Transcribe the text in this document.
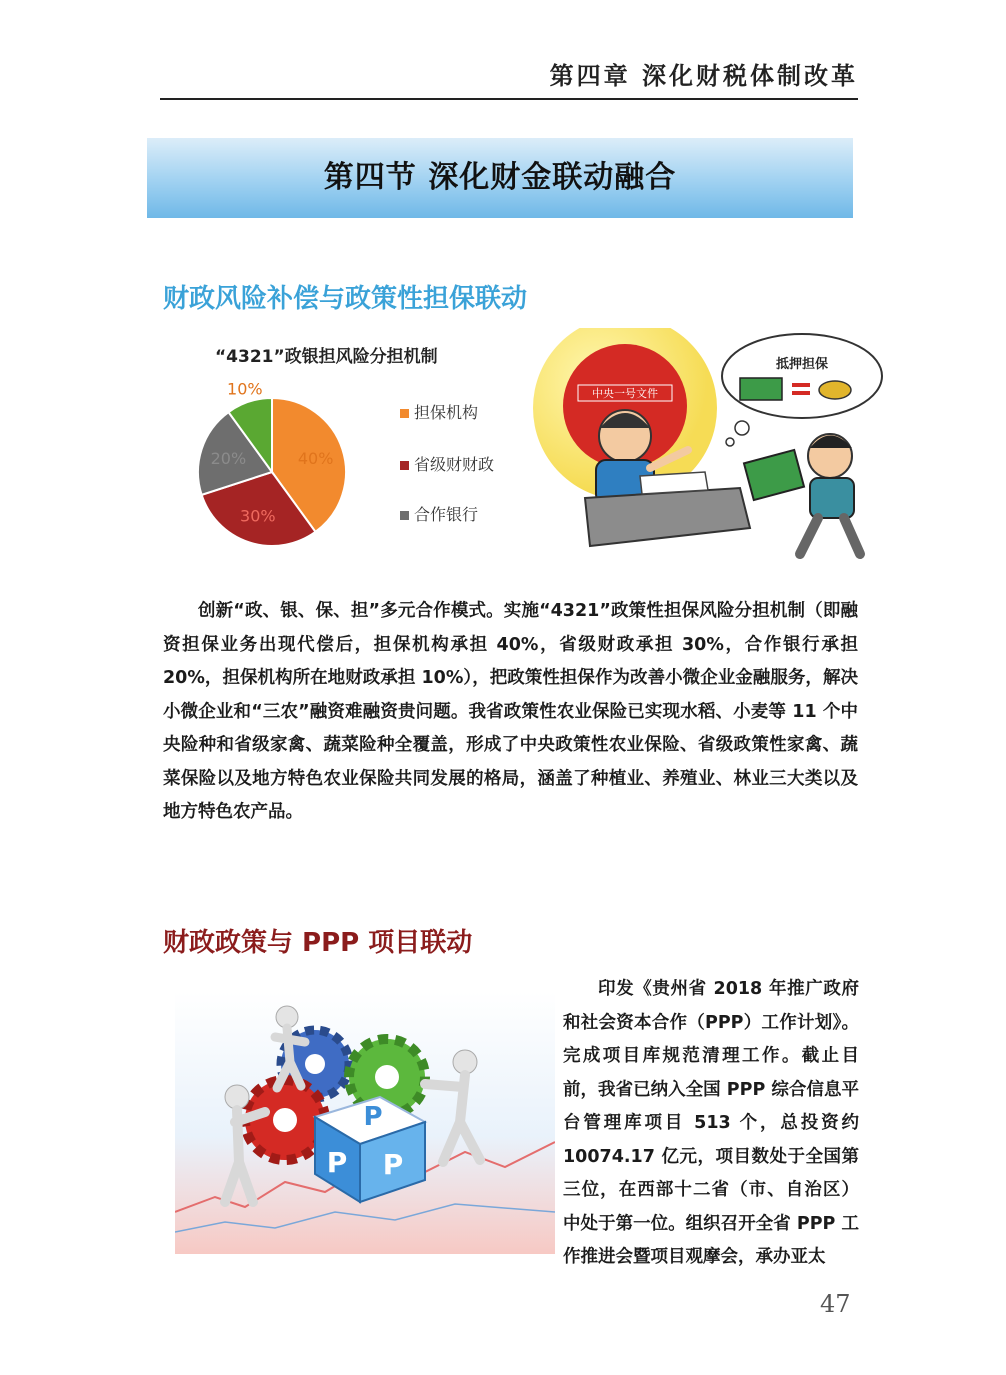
第四章 深化财税体制改革
第四节 深化财金联动融合
财政风险补偿与政策性担保联动
“4321”政银担风险分担机制
40%
30%
20%
10%
担保机构
省级财财政
合作银行
中央一号文件
抵押担保
创新“政、银、保、担”多元合作模式。实施“4321”政策性担保风险分担机制（即融资担保业务出现代偿后，担保机构承担 40%，省级财政承担 30%，合作银行承担 20%，担保机构所在地财政承担 10%），把政策性担保作为改善小微企业金融服务，解决小微企业和“三农”融资难融资贵问题。我省政策性农业保险已实现水稻、小麦等 11 个中央险种和省级家禽、蔬菜险种全覆盖，形成了中央政策性农业保险、省级政策性家禽、蔬菜保险以及地方特色农业保险共同发展的格局，涵盖了种植业、养殖业、林业三大类以及地方特色农产品。
财政政策与 PPP 项目联动
P
P P
印发《贵州省 2018 年推广政府和社会资本合作（PPP）工作计划》。完成项目库规范清理工作。截止目前，我省已纳入全国 PPP 综合信息平台管理库项目 513 个，总投资约 10074.17 亿元，项目数处于全国第三位，在西部十二省（市、自治区）中处于第一位。组织召开全省 PPP 工作推进会暨项目观摩会，承办亚太
47
